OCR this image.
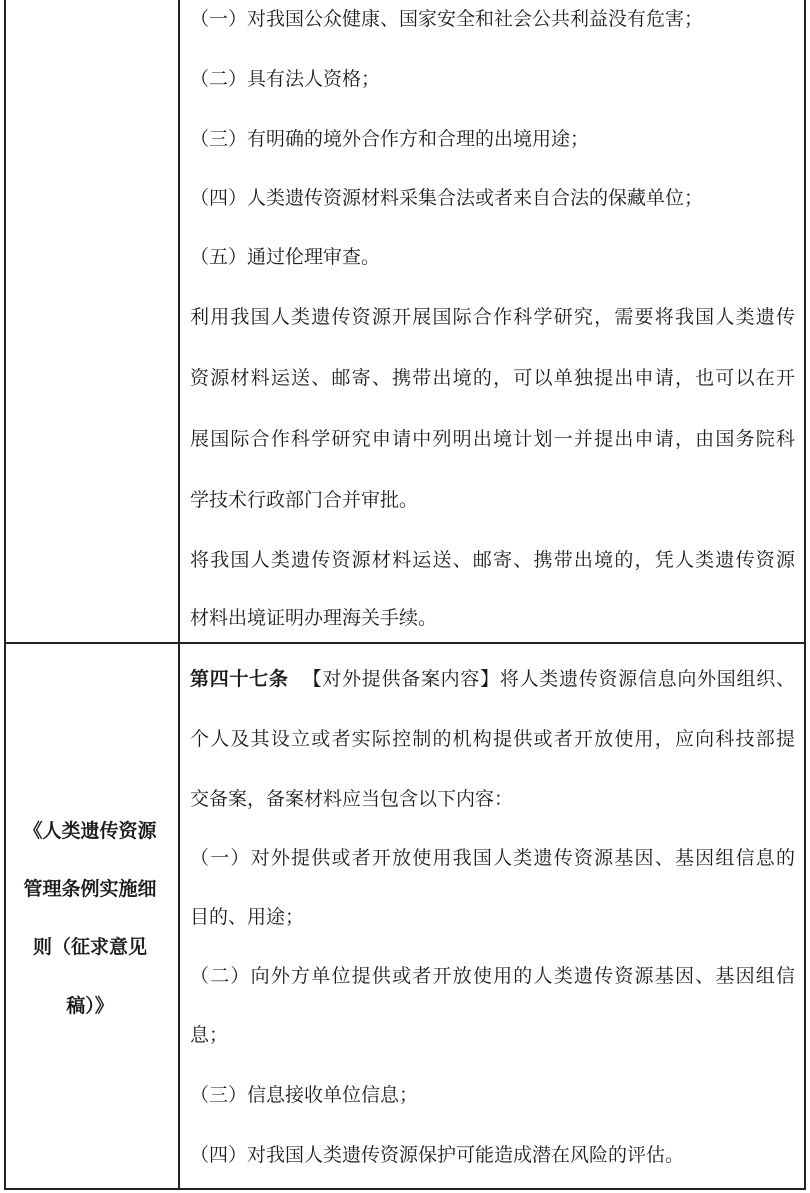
（一）对我国公众健康、国家安全和社会公共利益没有危害；
（二）具有法人资格；
（三）有明确的境外合作方和合理的出境用途；
（四）人类遗传资源材料采集合法或者来自合法的保藏单位；
（五）通过伦理审查。
利用我国人类遗传资源开展国际合作科学研究，需要将我国人类遗传
资源材料运送、邮寄、携带出境的，可以单独提出申请，也可以在开
展国际合作科学研究申请中列明出境计划一并提出申请，由国务院科
学技术行政部门合并审批。
将我国人类遗传资源材料运送、邮寄、携带出境的，凭人类遗传资源
材料出境证明办理海关手续。
《人类遗传资源
管理条例实施细
则（征求意见
稿）》
第四十七条 【对外提供备案内容】将人类遗传资源信息向外国组织、
个人及其设立或者实际控制的机构提供或者开放使用，应向科技部提
交备案，备案材料应当包含以下内容：
（一）对外提供或者开放使用我国人类遗传资源基因、基因组信息的
目的、用途；
（二）向外方单位提供或者开放使用的人类遗传资源基因、基因组信
息；
（三）信息接收单位信息；
（四）对我国人类遗传资源保护可能造成潜在风险的评估。
